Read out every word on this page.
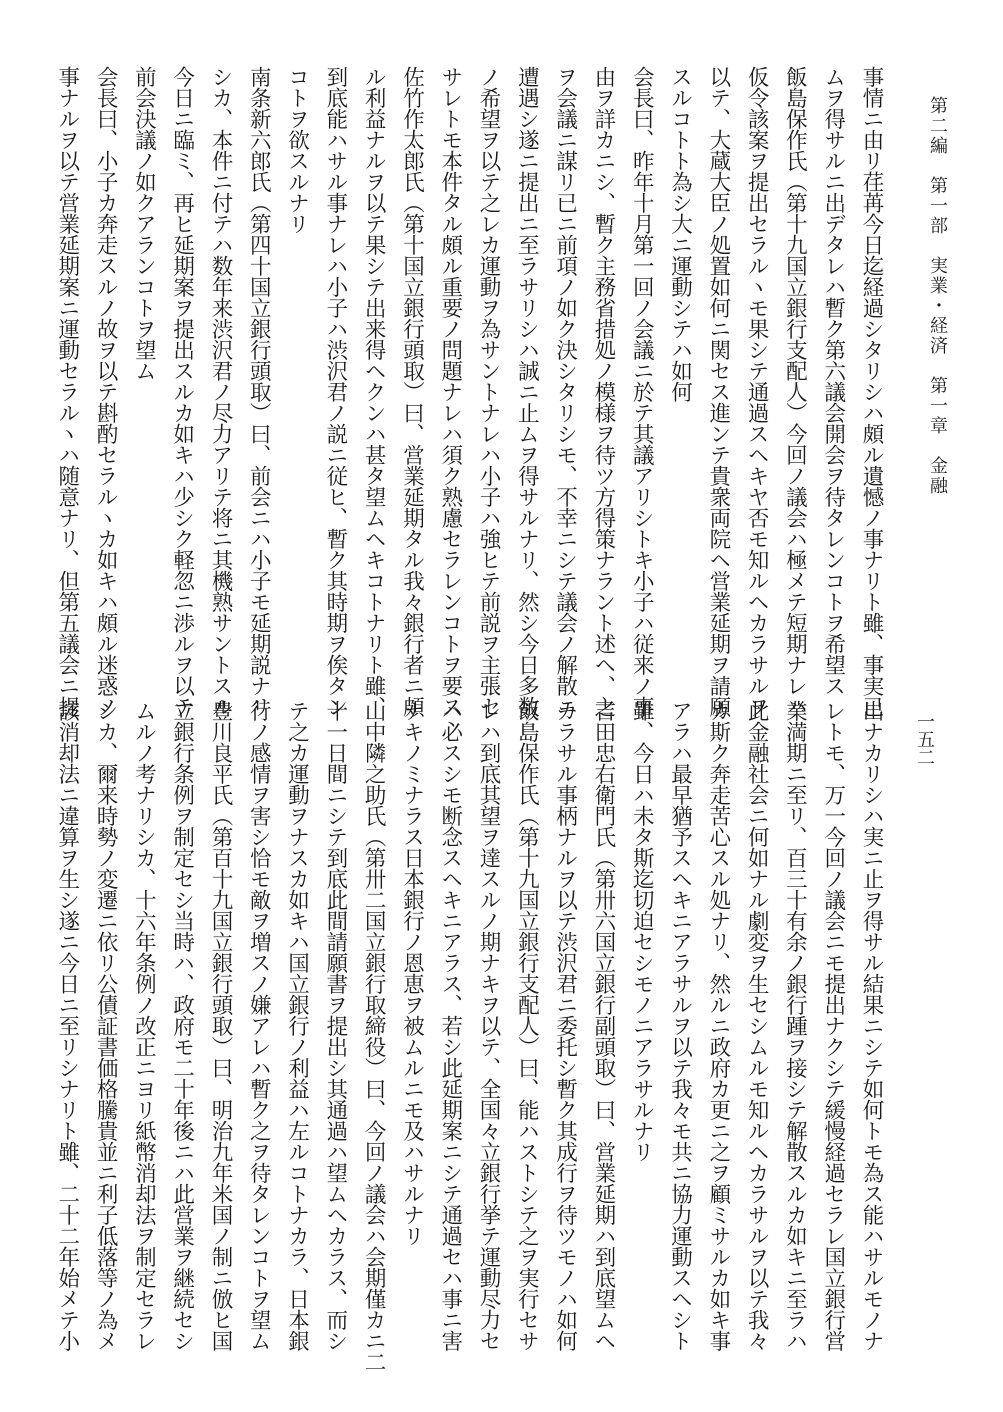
第二編　第一部　実業・経済　第一章　金融
一五二
事情ニ由リ荏苒今日迄経過シタリシハ頗ル遺憾ノ事ナリト雖、事実已
ムヲ得サルニ出デタレハ暫ク第六議会開会ヲ待タレンコトヲ希望ス
飯島保作氏（第十九国立銀行支配人）今回ノ議会ハ極メテ短期ナレハ
仮令該案ヲ提出セラルヽモ果シテ通過スヘキヤ否モ知ルヘカラサルヲ
以テ、大蔵大臣ノ処置如何ニ関セス進ンテ貴衆両院ヘ営業延期ヲ請願
スルコトト為シ大ニ運動シテハ如何
会長曰、昨年十月第一回ノ会議ニ於テ其議アリシトキ小子ハ従来ノ事
由ヲ詳カニシ、暫ク主務省措処ノ模様ヲ待ツ方得策ナラント述ヘ、之
ヲ会議ニ謀リ已ニ前項ノ如ク決シタリシモ、不幸ニシテ議会ノ解散ニ
遭遇シ遂ニ提出ニ至ラサリシハ誠ニ止ムヲ得サルナリ、然シ今日多数
ノ希望ヲ以テ之レカ運動ヲ為サントナレハ小子ハ強ヒテ前説ヲ主張セ
サレトモ本件タル頗ル重要ノ問題ナレハ須ク熟慮セラレンコトヲ要ス
佐竹作太郎氏（第十国立銀行頭取）曰、営業延期タル我々銀行者ニ頗
ル利益ナルヲ以テ果シテ出来得ヘクンハ甚タ望ムヘキコトナリト雖、
到底能ハサル事ナレハ小子ハ渋沢君ノ説ニ従ヒ、暫ク其時期ヲ俟タン
コトヲ欲スルナリ
南条新六郎氏（第四十国立銀行頭取）曰、前会ニハ小子モ延期説ナリ
シカ、本件ニ付テハ数年来渋沢君ノ尽力アリテ将ニ其機熟サントスル
今日ニ臨ミ、再ヒ延期案ヲ提出スルカ如キハ少シク軽忽ニ渉ルヲ以テ
前会決議ノ如クアランコトヲ望ム
会長曰、小子カ奔走スルノ故ヲ以テ斟酌セラルヽカ如キハ頗ル迷惑ノ
事ナルヲ以テ営業延期案ニ運動セラルヽハ随意ナリ、但第五議会ニ提
出ナカリシハ実ニ止ヲ得サル結果ニシテ如何トモ為ス能ハサルモノナ
レトモ、万一今回ノ議会ニモ提出ナクシテ緩慢経過セラレ国立銀行営
業満期ニ至リ、百三十有余ノ銀行踵ヲ接シテ解散スルカ如キニ至ラハ
此金融社会ニ何如ナル劇変ヲ生セシムルモ知ルヘカラサルヲ以テ我々
カ斯ク奔走苦心スル処ナリ、然ルニ政府カ更ニ之ヲ顧ミサルカ如キ事
アラハ最早猶予スヘキニアラサルヲ以テ我々モ共ニ協力運動スヘシト
雖、今日ハ未タ斯迄切迫セシモノニアラサルナリ
吉田忠右衛門氏（第卅六国立銀行副頭取）曰、営業延期ハ到底望ムヘ
カラサル事柄ナルヲ以テ渋沢君ニ委托シ暫ク其成行ヲ待ツモノハ如何
飯島保作氏（第十九国立銀行支配人）曰、能ハストシテ之ヲ実行セサ
レハ到底其望ヲ達スルノ期ナキヲ以テ、全国々立銀行挙テ運動尽力セ
ハ必スシモ断念スヘキニアラス、若シ此延期案ニシテ通過セハ事ニ害
ナキノミナラス日本銀行ノ恩恵ヲ被ムルニモ及ハサルナリ
山中隣之助氏（第卅二国立銀行取締役）曰、今回ノ議会ハ会期僅カニ二
十一日間ニシテ到底此間請願書ヲ提出シ其通過ハ望ムヘカラス、而シ
テ之カ運動ヲナスカ如キハ国立銀行ノ利益ハ左ルコトナカラ、日本銀
行ノ感情ヲ害シ恰モ敵ヲ増スノ嫌アレハ暫ク之ヲ待タレンコトヲ望ム
豊川良平氏（第百十九国立銀行頭取）曰、明治九年米国ノ制ニ倣ヒ国
立銀行条例ヲ制定セシ当時ハ、政府モ二十年後ニハ此営業ヲ継続セシ
ムルノ考ナリシカ、十六年条例ノ改正ニヨリ紙幣消却法ヲ制定セラレ
シカ、爾来時勢ノ変遷ニ依リ公債証書価格騰貴並ニ利子低落等ノ為メ
該消却法ニ違算ヲ生シ遂ニ今日ニ至リシナリト雖、二十二年始メテ小
